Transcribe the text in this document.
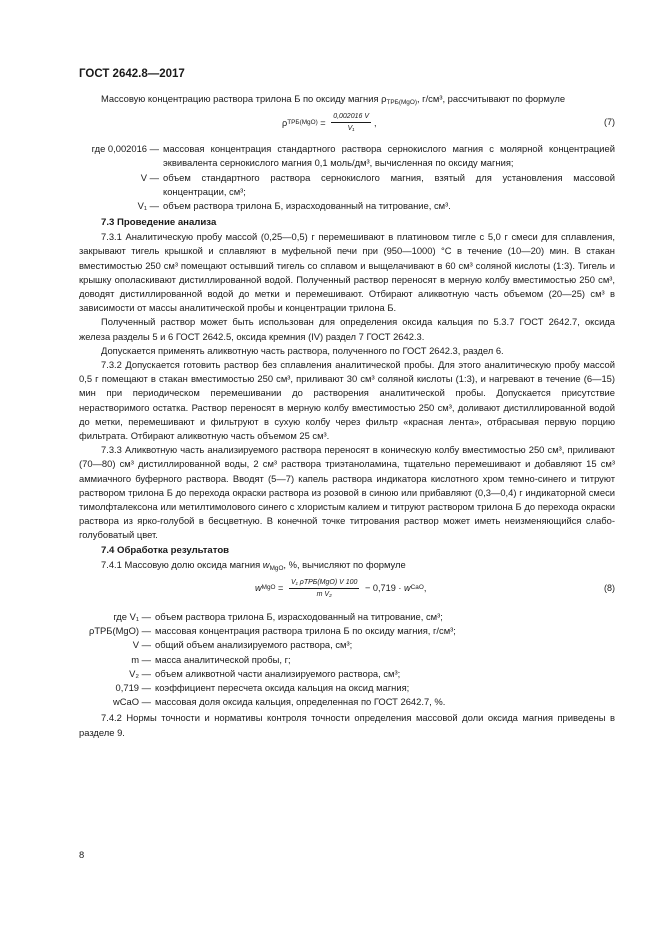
ГОСТ 2642.8—2017

Массовую концентрацию раствора трилона Б по оксиду магния $\rho_{ТРБ(MgO)}$, г/см³, рассчитывают по формуле

ρ $ТРБ(MgO) = \frac{0,002016 V}{\text{V₁}}$ ,	(7)
где 0,002016 — массовая концентрация стандартного раствора сернокислого магния с молярной концентрацией эквивалента сернокислого магния 0,1 моль/дм³, вычисленная по оксиду магния;
V — объем стандартного раствора сернокислого магния, взятый для установления массовой концентрации, см³;
V₁ — объем раствора трилона Б, израсходованный на титрование, см³.

7.3 Проведение анализа

7.3.1 Аналитическую пробу массой (0,25—0,5) г перемешивают в платиновом тигле с 5,0 г смеси для сплавления, закрывают тигель крышкой и сплавляют в муфельной печи при (950—1000) °С в течение (10—20) мин. В стакан вместимостью 250 см³ помещают остывший тигель со сплавом и выщелачивают в 60 см³ соляной кислоты (1:3). Тигель и крышку ополаскивают дистиллированной водой. Полученный раствор переносят в мерную колбу вместимостью 250 см³, доводят дистиллированной водой до метки и перемешивают. Отбирают аликвотную часть объемом (20—25) см³ в зависимости от массы аналитической пробы и концентрации трилона Б.

Полученный раствор может быть использован для определения оксида кальция по 5.3.7 ГОСТ 2642.7, оксида железа разделы 5 и 6 ГОСТ 2642.5, оксида кремния (IV) раздел 7 ГОСТ 2642.3.

Допускается применять аликвотную часть раствора, полученного по ГОСТ 2642.3, раздел 6.

7.3.2 Допускается готовить раствор без сплавления аналитической пробы. Для этого аналитическую пробу массой 0,5 г помещают в стакан вместимостью 250 см³, приливают 30 см³ соляной кислоты (1:3), и нагревают в течение (6—15) мин при периодическом перемешивании до растворения аналитической пробы. Допускается присутствие нерастворимого остатка. Раствор переносят в мерную колбу вместимостью 250 см³, доливают дистиллированной водой до метки, перемешивают и фильтруют в сухую колбу через фильтр «красная лента», отбрасывая первую порцию фильтрата. Отбирают аликвотную часть объемом 25 см³.

7.3.3 Аликвотную часть анализируемого раствора переносят в коническую колбу вместимостью 250 см³, приливают (70—80) см³ дистиллированной воды, 2 см³ раствора триэтаноламина, тщательно перемешивают и добавляют 15 см³ аммиачного буферного раствора. Вводят (5—7) капель раствора индикатора кислотного хром темно-синего и титруют раствором трилона Б до перехода окраски раствора из розовой в синюю или прибавляют (0,3—0,4) г индикаторной смеси тимолфталексона или метилтимолового синего с хлористым калием и титруют раствором трилона Б до перехода окраски раствора из ярко-голубой в бесцветную. В конечной точке титрования раствор может иметь неизменяющийся слабо-голубоватый цвет.

7.4 Обработка результатов

7.4.1 Массовую долю оксида магния $w_{MgO}$, %, вычисляют по формуле

w MgO = $\frac{\text{V₁ ρТРБ(MgO) V 100}}{\text{m V₂}} - 0,719 \cdot w$ CaO ,	(8)
где V₁ — объем раствора трилона Б, израсходованный на титрование, см³;
ρТРБ(MgO) — массовая концентрация раствора трилона Б по оксиду магния, г/см³;
V — общий объем анализируемого раствора, см³;
m — масса аналитической пробы, г;
V₂ — объем аликвотной части анализируемого раствора, см³;
0,719 — коэффициент пересчета оксида кальция на оксид магния;
wCaO — массовая доля оксида кальция, определенная по ГОСТ 2642.7, %.

7.4.2 Нормы точности и нормативы контроля точности определения массовой доли оксида магния приведены в разделе 9.

8
